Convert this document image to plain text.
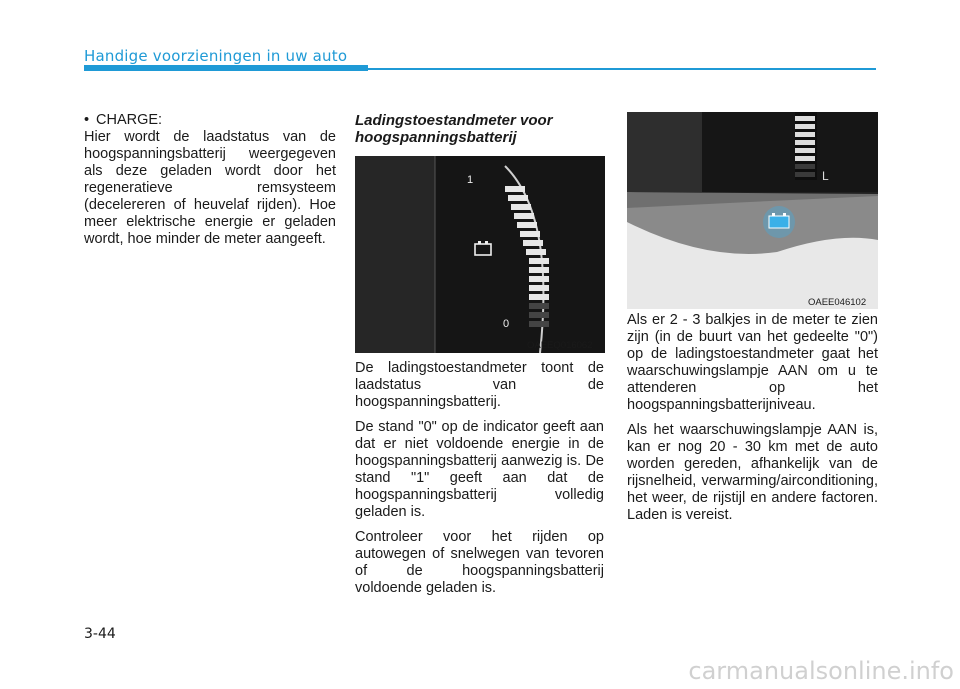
Handige voorzieningen in uw auto
• CHARGE:

Hier wordt de laadstatus van de hoogspanningsbatterij weergegeven als deze geladen wordt door het regeneratieve remsysteem (decelereren of heuvelaf rijden). Hoe meer elektrische energie er geladen wordt, hoe minder de meter aangeeft.

Ladingstoestandmeter voor hoogspanningsbatterij
1
0
OAEEQ016062

De ladingstoestandmeter toont de laadstatus van de hoogspanningsbatterij.

De stand "0" op de indicator geeft aan dat er niet voldoende energie in de hoogspanningsbatterij aanwezig is. De stand "1" geeft aan dat de hoogspanningsbatterij volledig geladen is.

Controleer voor het rijden op autowegen of snelwegen van tevoren of de hoogspanningsbatterij voldoende geladen is.

L
OAEE046102

Als er 2 - 3 balkjes in de meter te zien zijn (in de buurt van het gedeelte "0") op de ladingstoestandmeter gaat het waarschuwingslampje AAN om u te attenderen op het hoogspanningsbatterijniveau.

Als het waarschuwingslampje AAN is, kan er nog 20 - 30 km met de auto worden gereden, afhankelijk van de rijsnelheid, verwarming/airconditioning, het weer, de rijstijl en andere factoren. Laden is vereist.

3-44
carmanualsonline.info
